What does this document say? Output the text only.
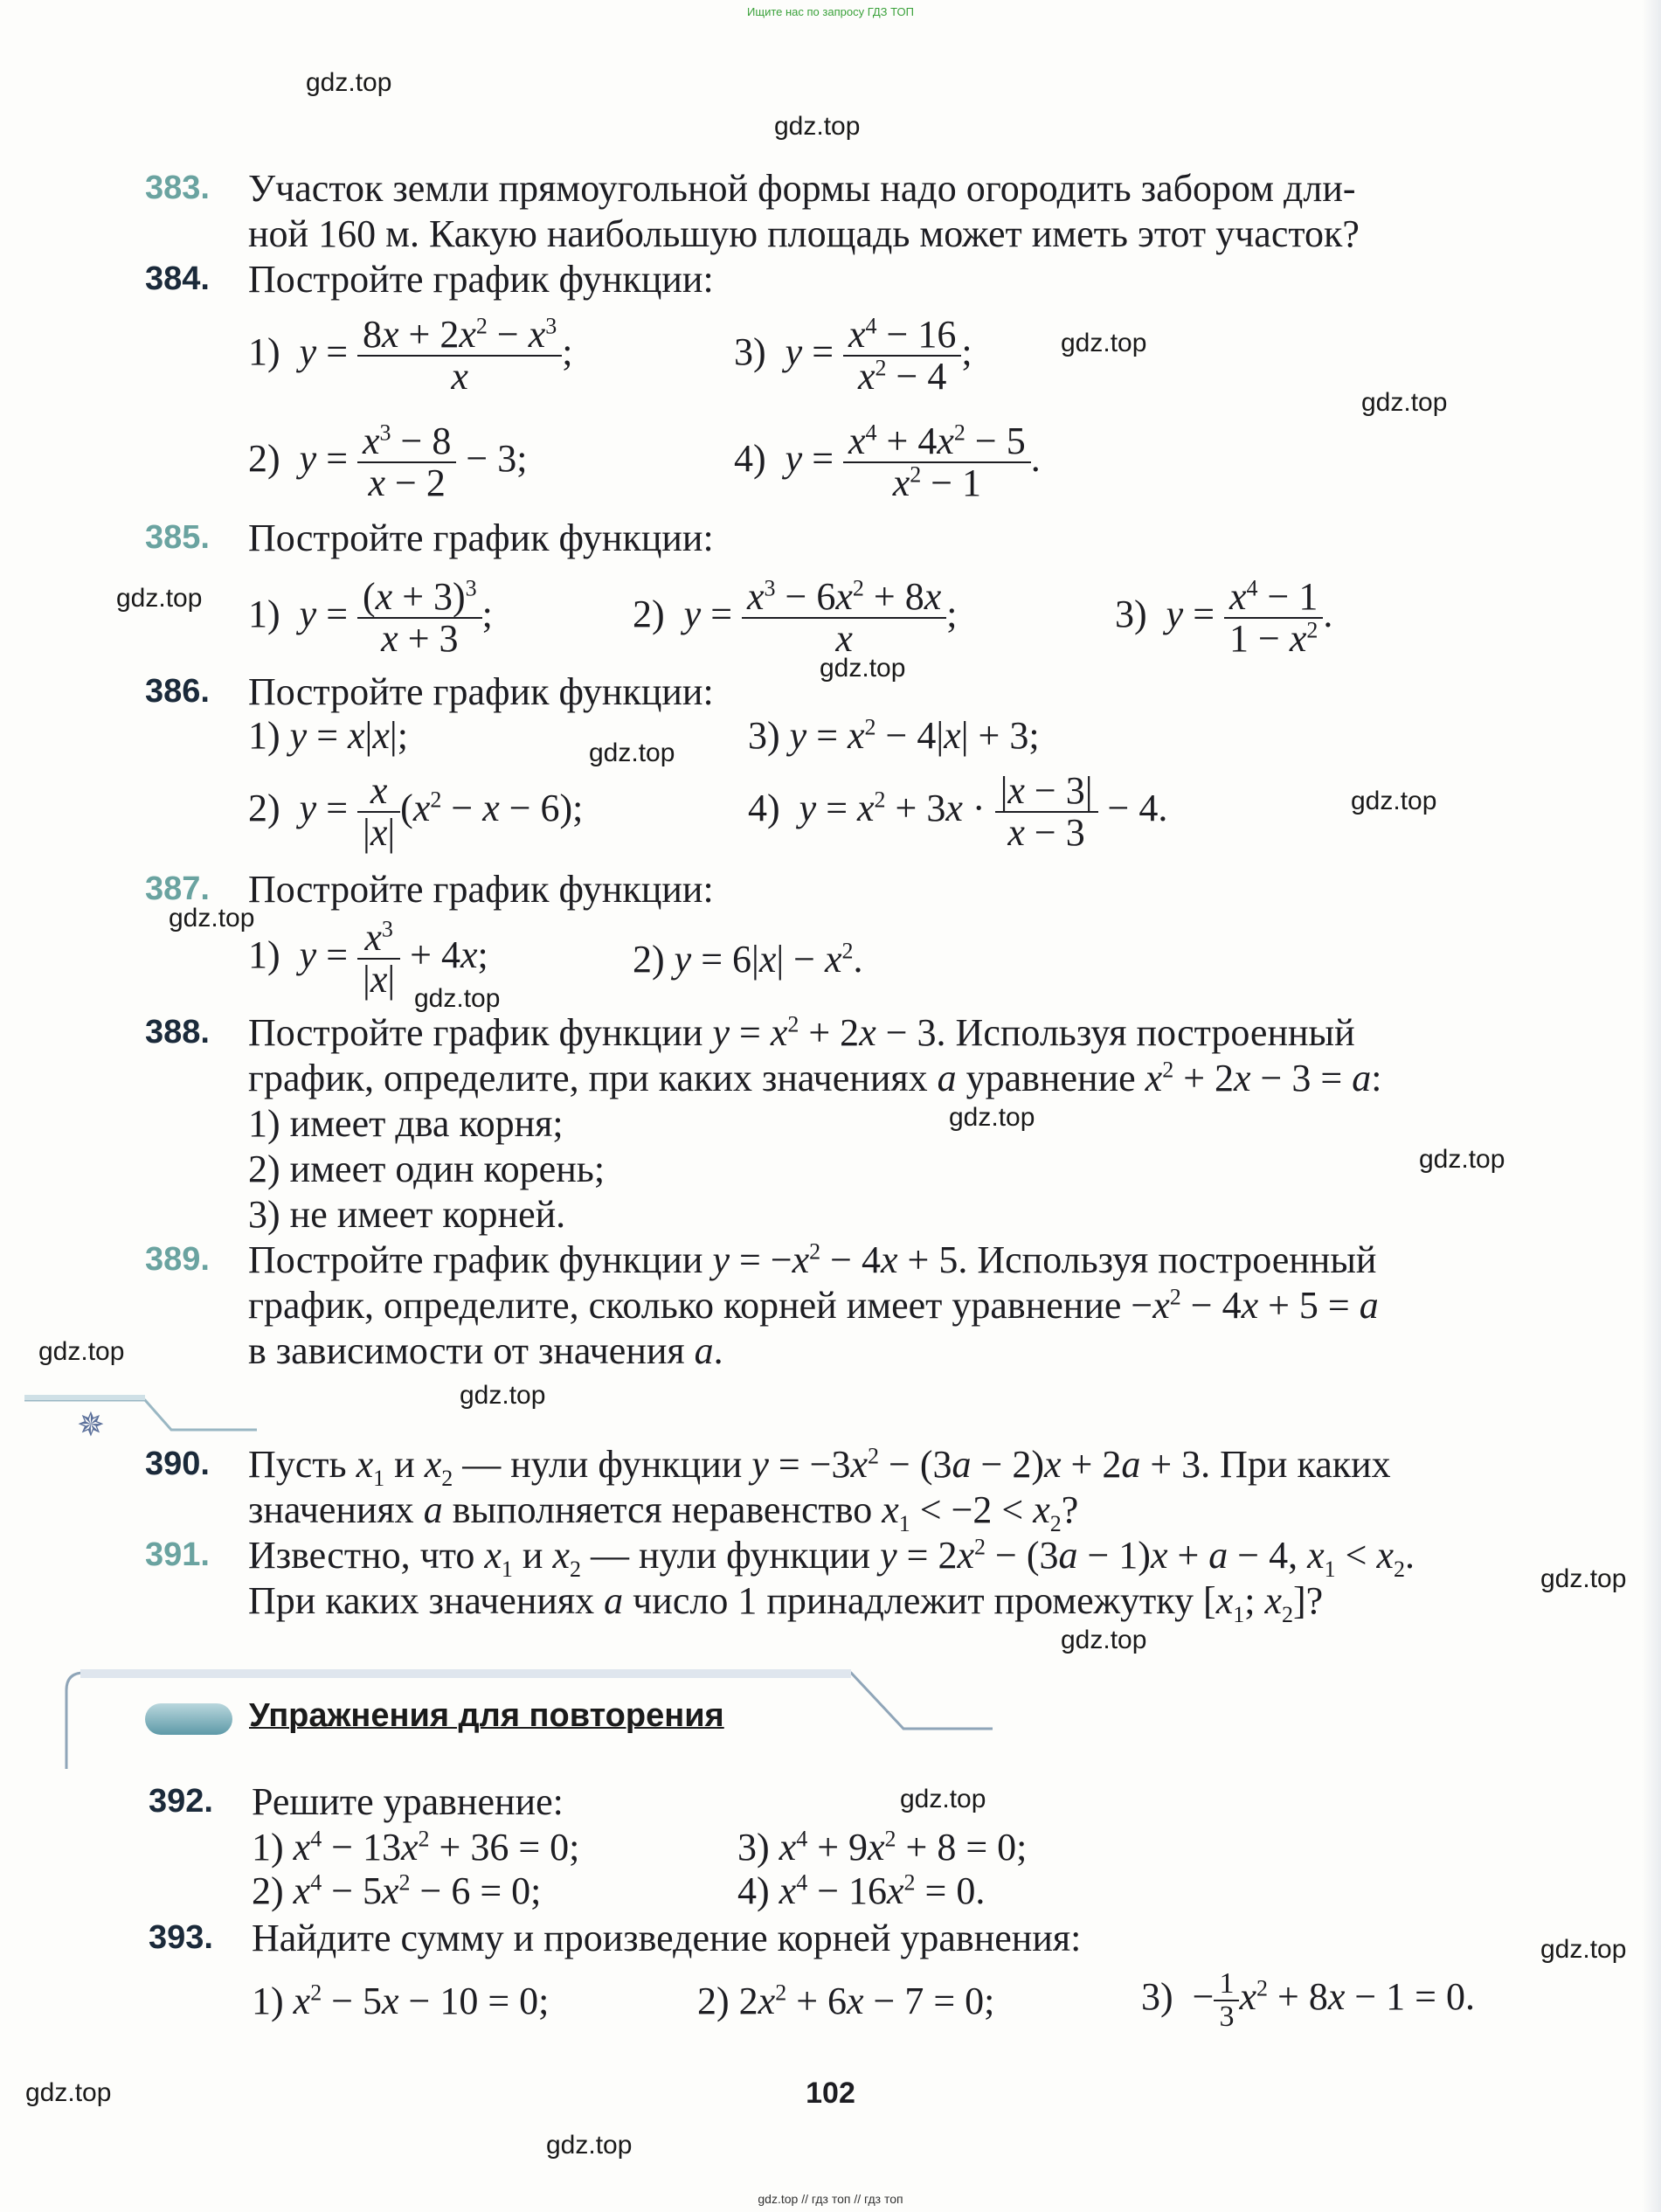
Ищите нас по запросу ГДЗ ТОП
gdz.top
gdz.top
gdz.top
gdz.top
gdz.top
gdz.top
gdz.top
gdz.top
gdz.top
gdz.top
gdz.top
gdz.top
gdz.top
gdz.top
gdz.top
gdz.top
gdz.top
gdz.top
gdz.top
gdz.top
383. Участок земли прямоугольной формы надо огородить забором дли-
ной 160 м. Какую наибольшую площадь может иметь этот участок?
384. Постройте график функции:
1)  $y = \frac{8x + 2x^2 - x^3}{x}$ ;	3)  $y = \frac{x^4 - 16}{x^2 - 4}$ ;
2)  $y = \frac{x^3 - 8}{x - 2} - 3$;	4)  $y = \frac{x^4 + 4x^2 - 5}{x^2 - 1}$ .
385. Постройте график функции:
1)  $y = \frac{(x + 3)^3}{x + 3}$ ;	2)  $y = \frac{x^3 - 6x^2 + 8x}{x}$ ;	3)  $y = \frac{x^4 - 1}{1 - x^2}$ .
386. Постройте график функции:
1) y = x|x|;	3) $y = x^2 - 4|x| + 3$;
2)  $y = \frac{x}{|x|} (x^2 - x - 6)$;	4)  $y = x^2 + 3x \cdot \frac{|x - 3|}{x - 3} - 4$.
387. Постройте график функции:
1)  $y = \frac{x^3}{|x|} + 4x$;	2) $y = 6|x| - x^2$.
388. Постройте график функции $y = x^2 + 2x - 3$. Используя построенный
график, определите, при каких значениях a уравнение $x^2 + 2x - 3 = a$:
1) имеет два корня;
2) имеет один корень;
3) не имеет корней.
389. Постройте график функции $y = -x^2 - 4x + 5$. Используя построенный
график, определите, сколько корней имеет уравнение $-x^2 - 4x + 5 = a$
в зависимости от значения a.
✵
390. Пусть $x_1$ и $x_2$ — нули функции $y = -3x^2 - (3a - 2)x + 2a + 3$. При каких
значениях a выполняется неравенство $x_1 < -2 < x_2$?
391. Известно, что $x_1$ и $x_2$ — нули функции $y = 2x^2 - (3a - 1)x + a - 4$, $x_1 < x_2$.
При каких значениях a число 1 принадлежит промежутку [$x_1$; $x_2$]?
Упражнения для повторения
392. Решите уравнение:
1) $x^4 - 13x^2 + 36 = 0$;	3) $x^4 + 9x^2 + 8 = 0$;
2) $x^4 - 5x^2 - 6 = 0$;	4) $x^4 - 16x^2 = 0$.
393. Найдите сумму и произведение корней уравнения:
1) $x^2 - 5x - 10 = 0$;	2) $2x^2 + 6x - 7 = 0$;	$3) - \frac{1}{3} x^2 + 8x - 1 = 0$.
102
gdz.top // гдз топ // гдз топ
